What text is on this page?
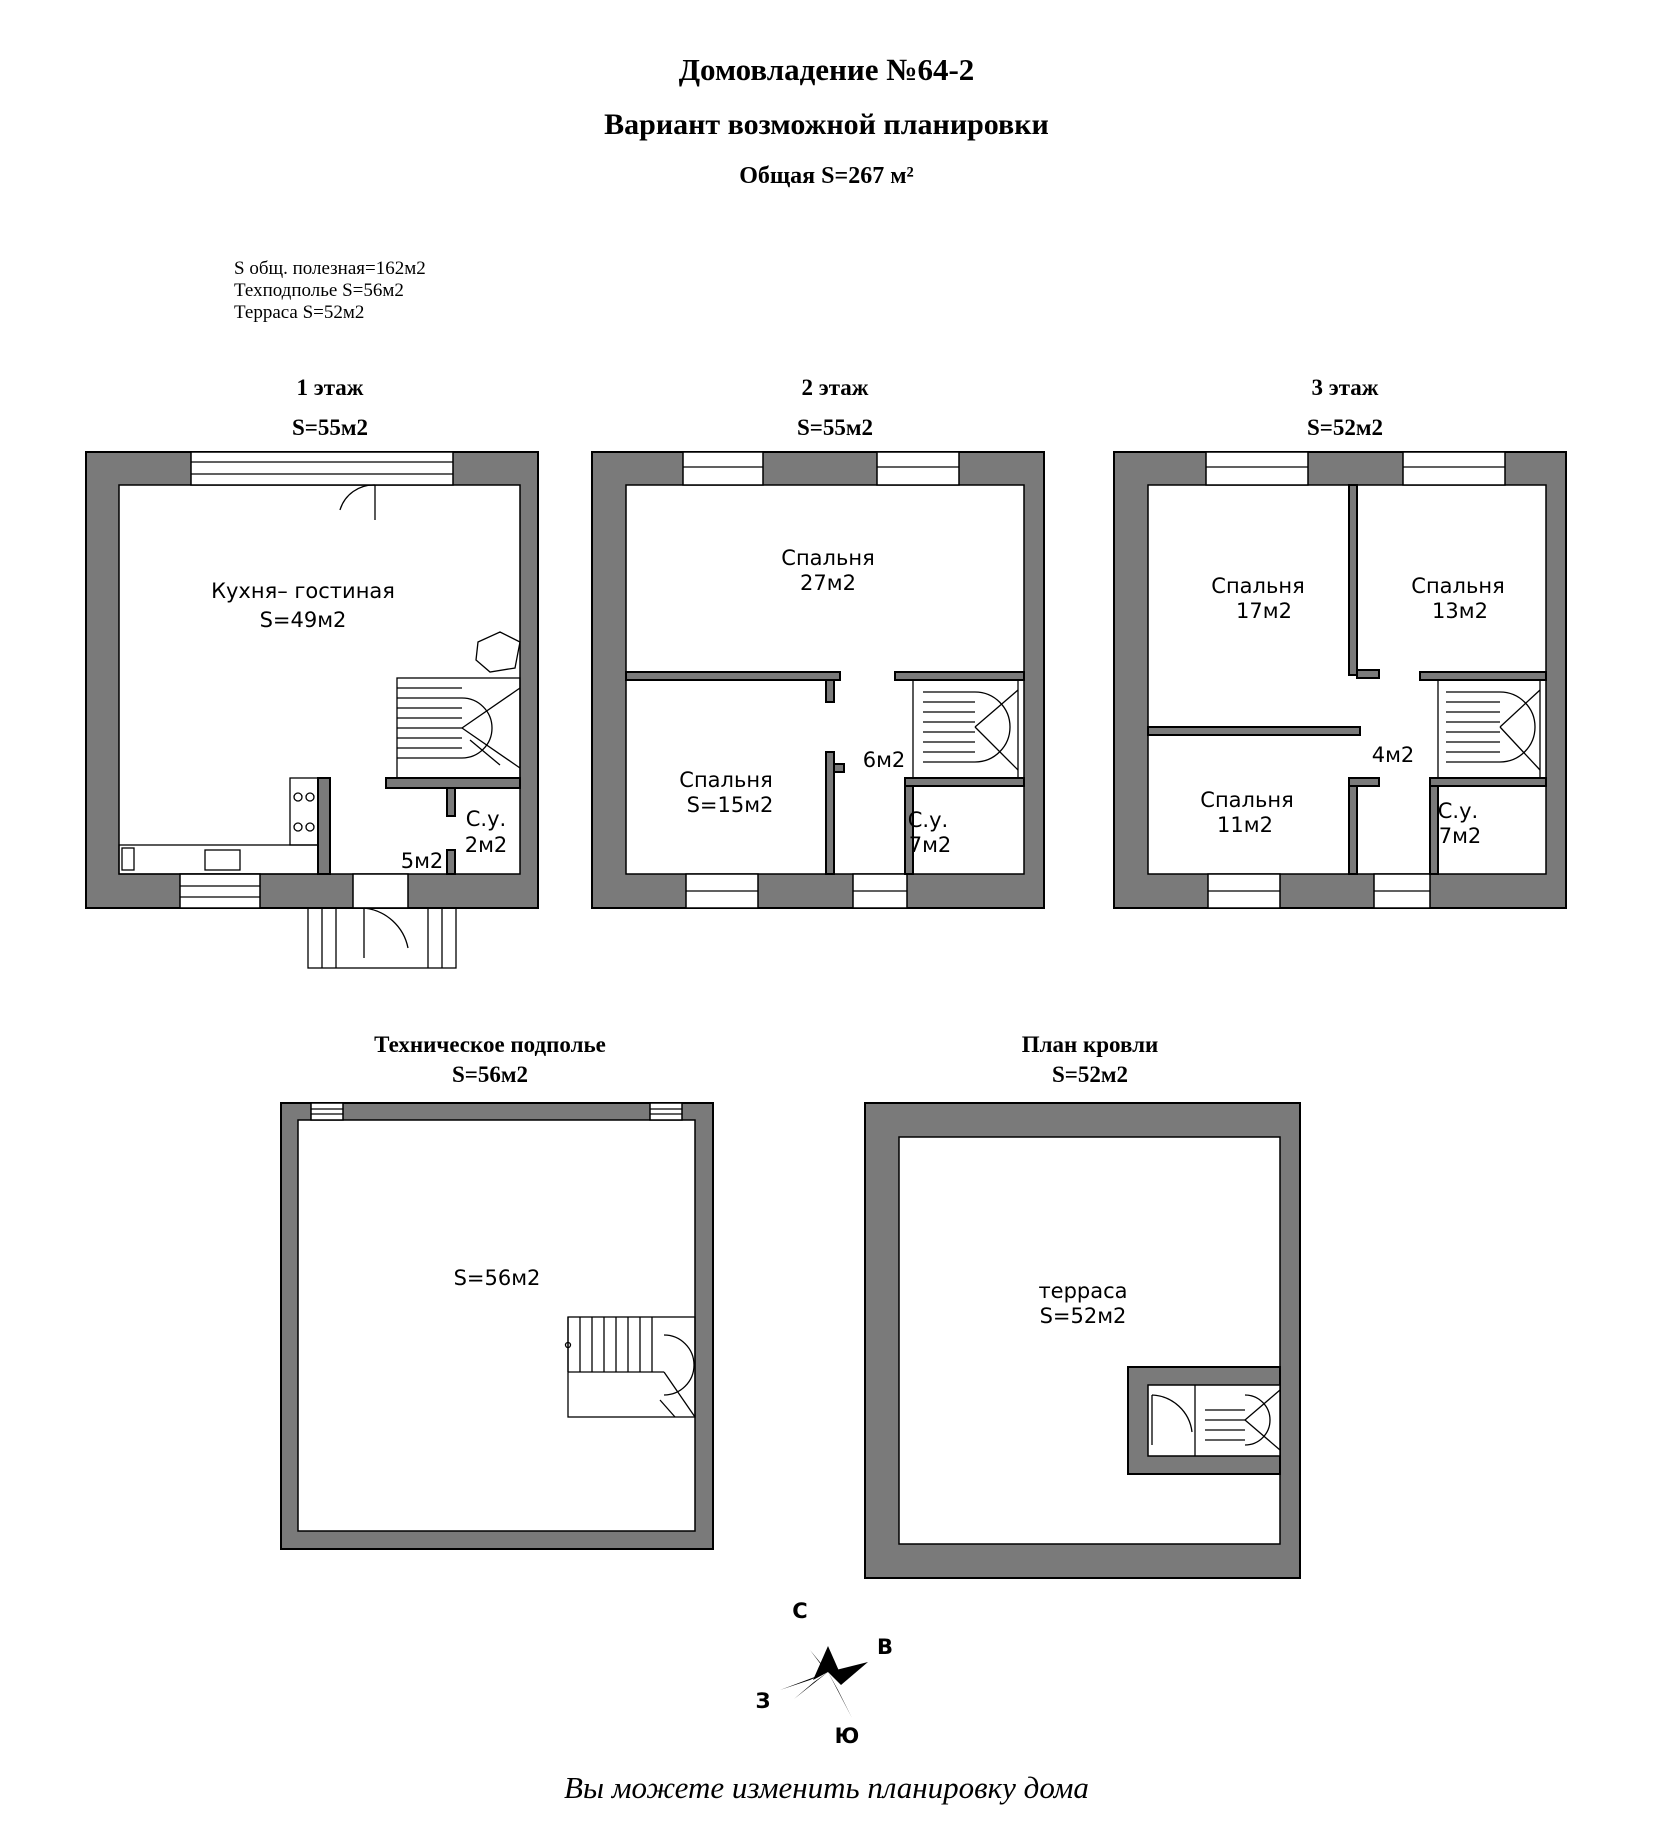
Домовладение №64-2
Вариант возможной планировки
Общая S=267 м²
S общ. полезная=162м2
Техподполье S=56м2
Терраса S=52м2
1 этаж
S=55м2
2 этаж
S=55м2
3 этаж
S=52м2
Техническое подполье
S=56м2
План кровли
S=52м2
Кухня– гостиная
S=49м2
5м2
С.у.
2м2
Спальня
27м2
Спальня
S=15м2
6м2
С.у.
7м2
Спальня
17м2
Спальня
13м2
Спальня
11м2
4м2
С.у.
7м2
S=56м2
терраса
S=52м2
С
В
Ю
З
Вы можете изменить планировку дома
